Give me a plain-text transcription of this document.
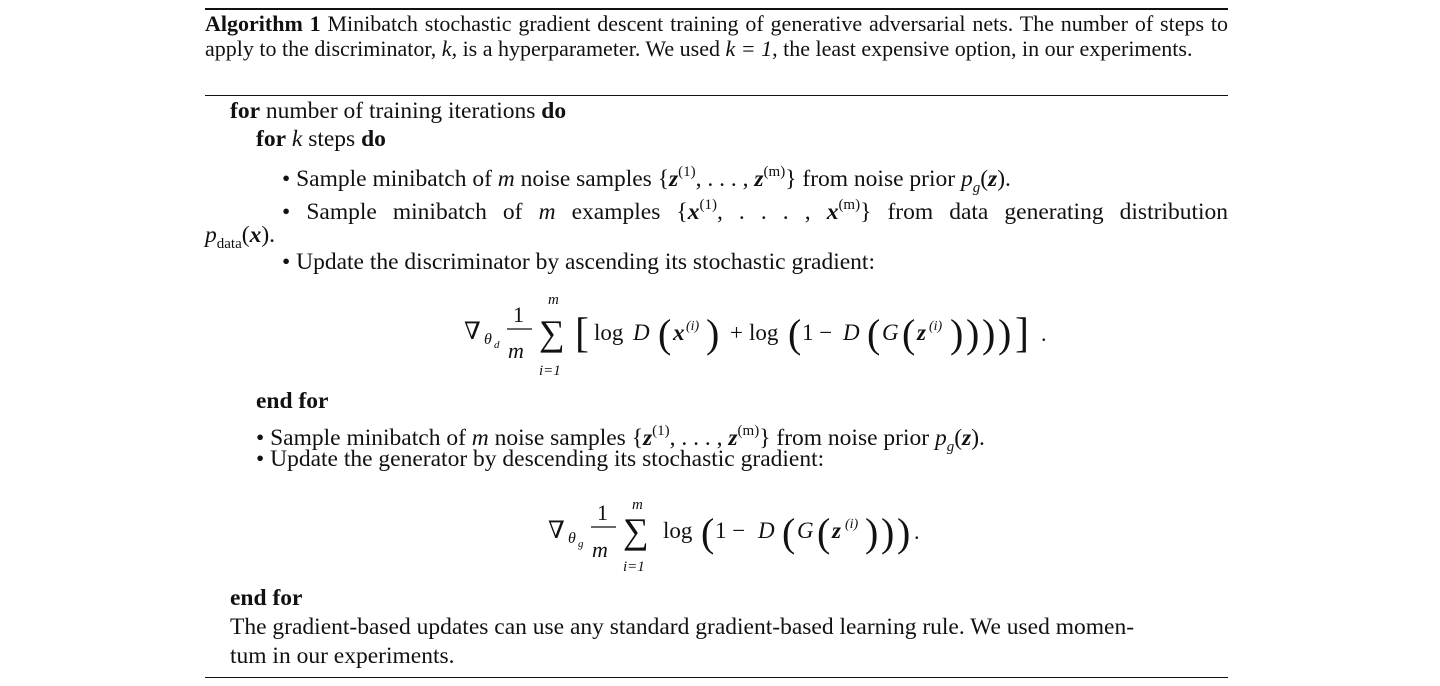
Algorithm 1 Minibatch stochastic gradient descent training of generative adversarial nets. The number of steps to apply to the discriminator, k, is a hyperparameter. We used k = 1, the least expensive option, in our experiments.
for number of training iterations do
for k steps do
• Sample minibatch of m noise samples {$z^{(1)}$, . . . , $z^{(m)}$} from noise prior $p_g(z)$.
• Sample minibatch of m examples {$x^{(1)}$, . . . , $x^{(m)}$} from data generating distribution
$p_{data}(x)$.
• Update the discriminator by ascending its stochastic gradient:
∇ θ d
1
m
m
∑
i=1
[ log D ( x (i) ) + log ( 1 − D ( G ( z (i) ) ) ) ) ] .
∇ θ g
1
m
m
∑
i=1
log ( 1 − D ( G ( z (i) ) ) ) .
end for
• Sample minibatch of m noise samples {$z^{(1)}$, . . . , $z^{(m)}$} from noise prior $p_g(z)$.
• Update the generator by descending its stochastic gradient:
end for
The gradient-based updates can use any standard gradient-based learning rule. We used momen-
tum in our experiments.
